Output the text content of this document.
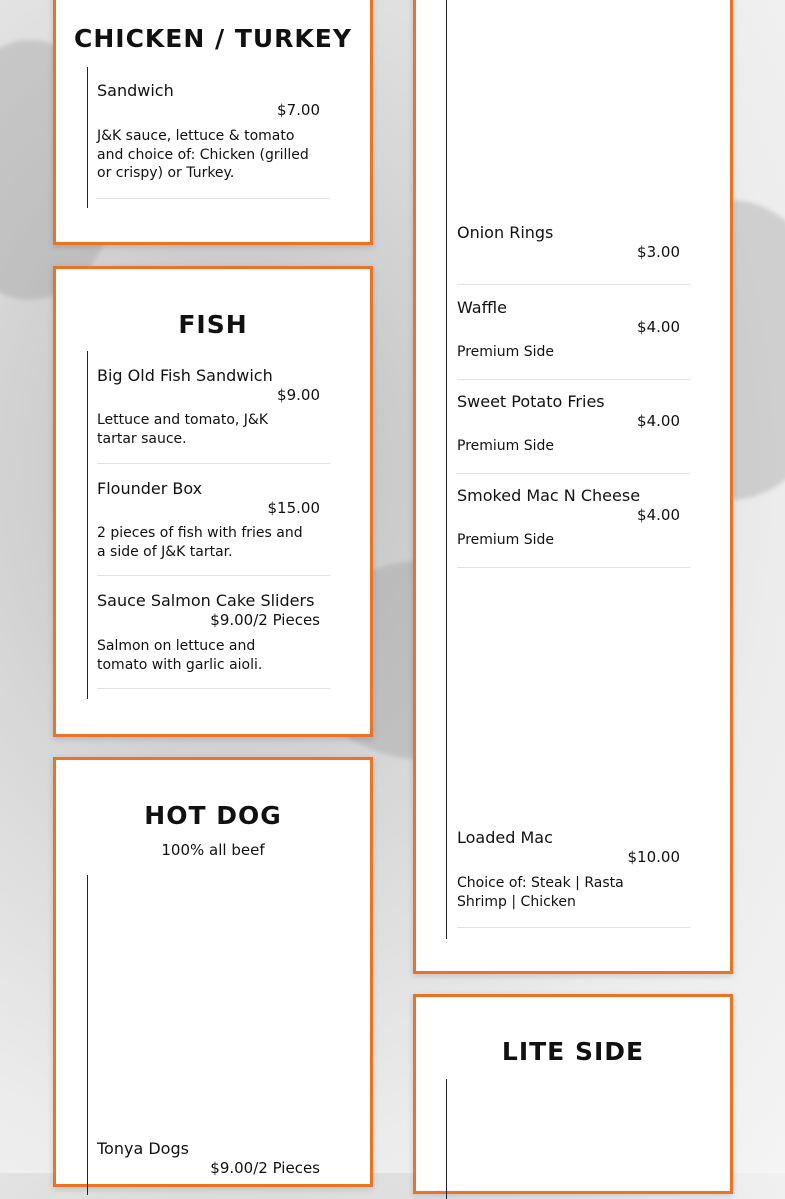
CHICKEN / TURKEY
Sandwich
$7.00
J&K sauce, lettuce & tomato and choice of: Chicken (grilled or crispy) or Turkey.
FISH
Big Old Fish Sandwich
$9.00
Lettuce and tomato, J&K tartar sauce.
Flounder Box
$15.00
2 pieces of fish with fries and a side of J&K tartar.
Sauce Salmon Cake Sliders
$9.00/2 Pieces
Salmon on lettuce and tomato with garlic aioli.
HOT DOG
100% all beef
Tonya Dogs
$9.00/2 Pieces
Onion Rings
$3.00
Waffle
$4.00
Premium Side
Sweet Potato Fries
$4.00
Premium Side
Smoked Mac N Cheese
$4.00
Premium Side
Loaded Mac
$10.00
Choice of: Steak | Rasta Shrimp | Chicken
LITE SIDE
